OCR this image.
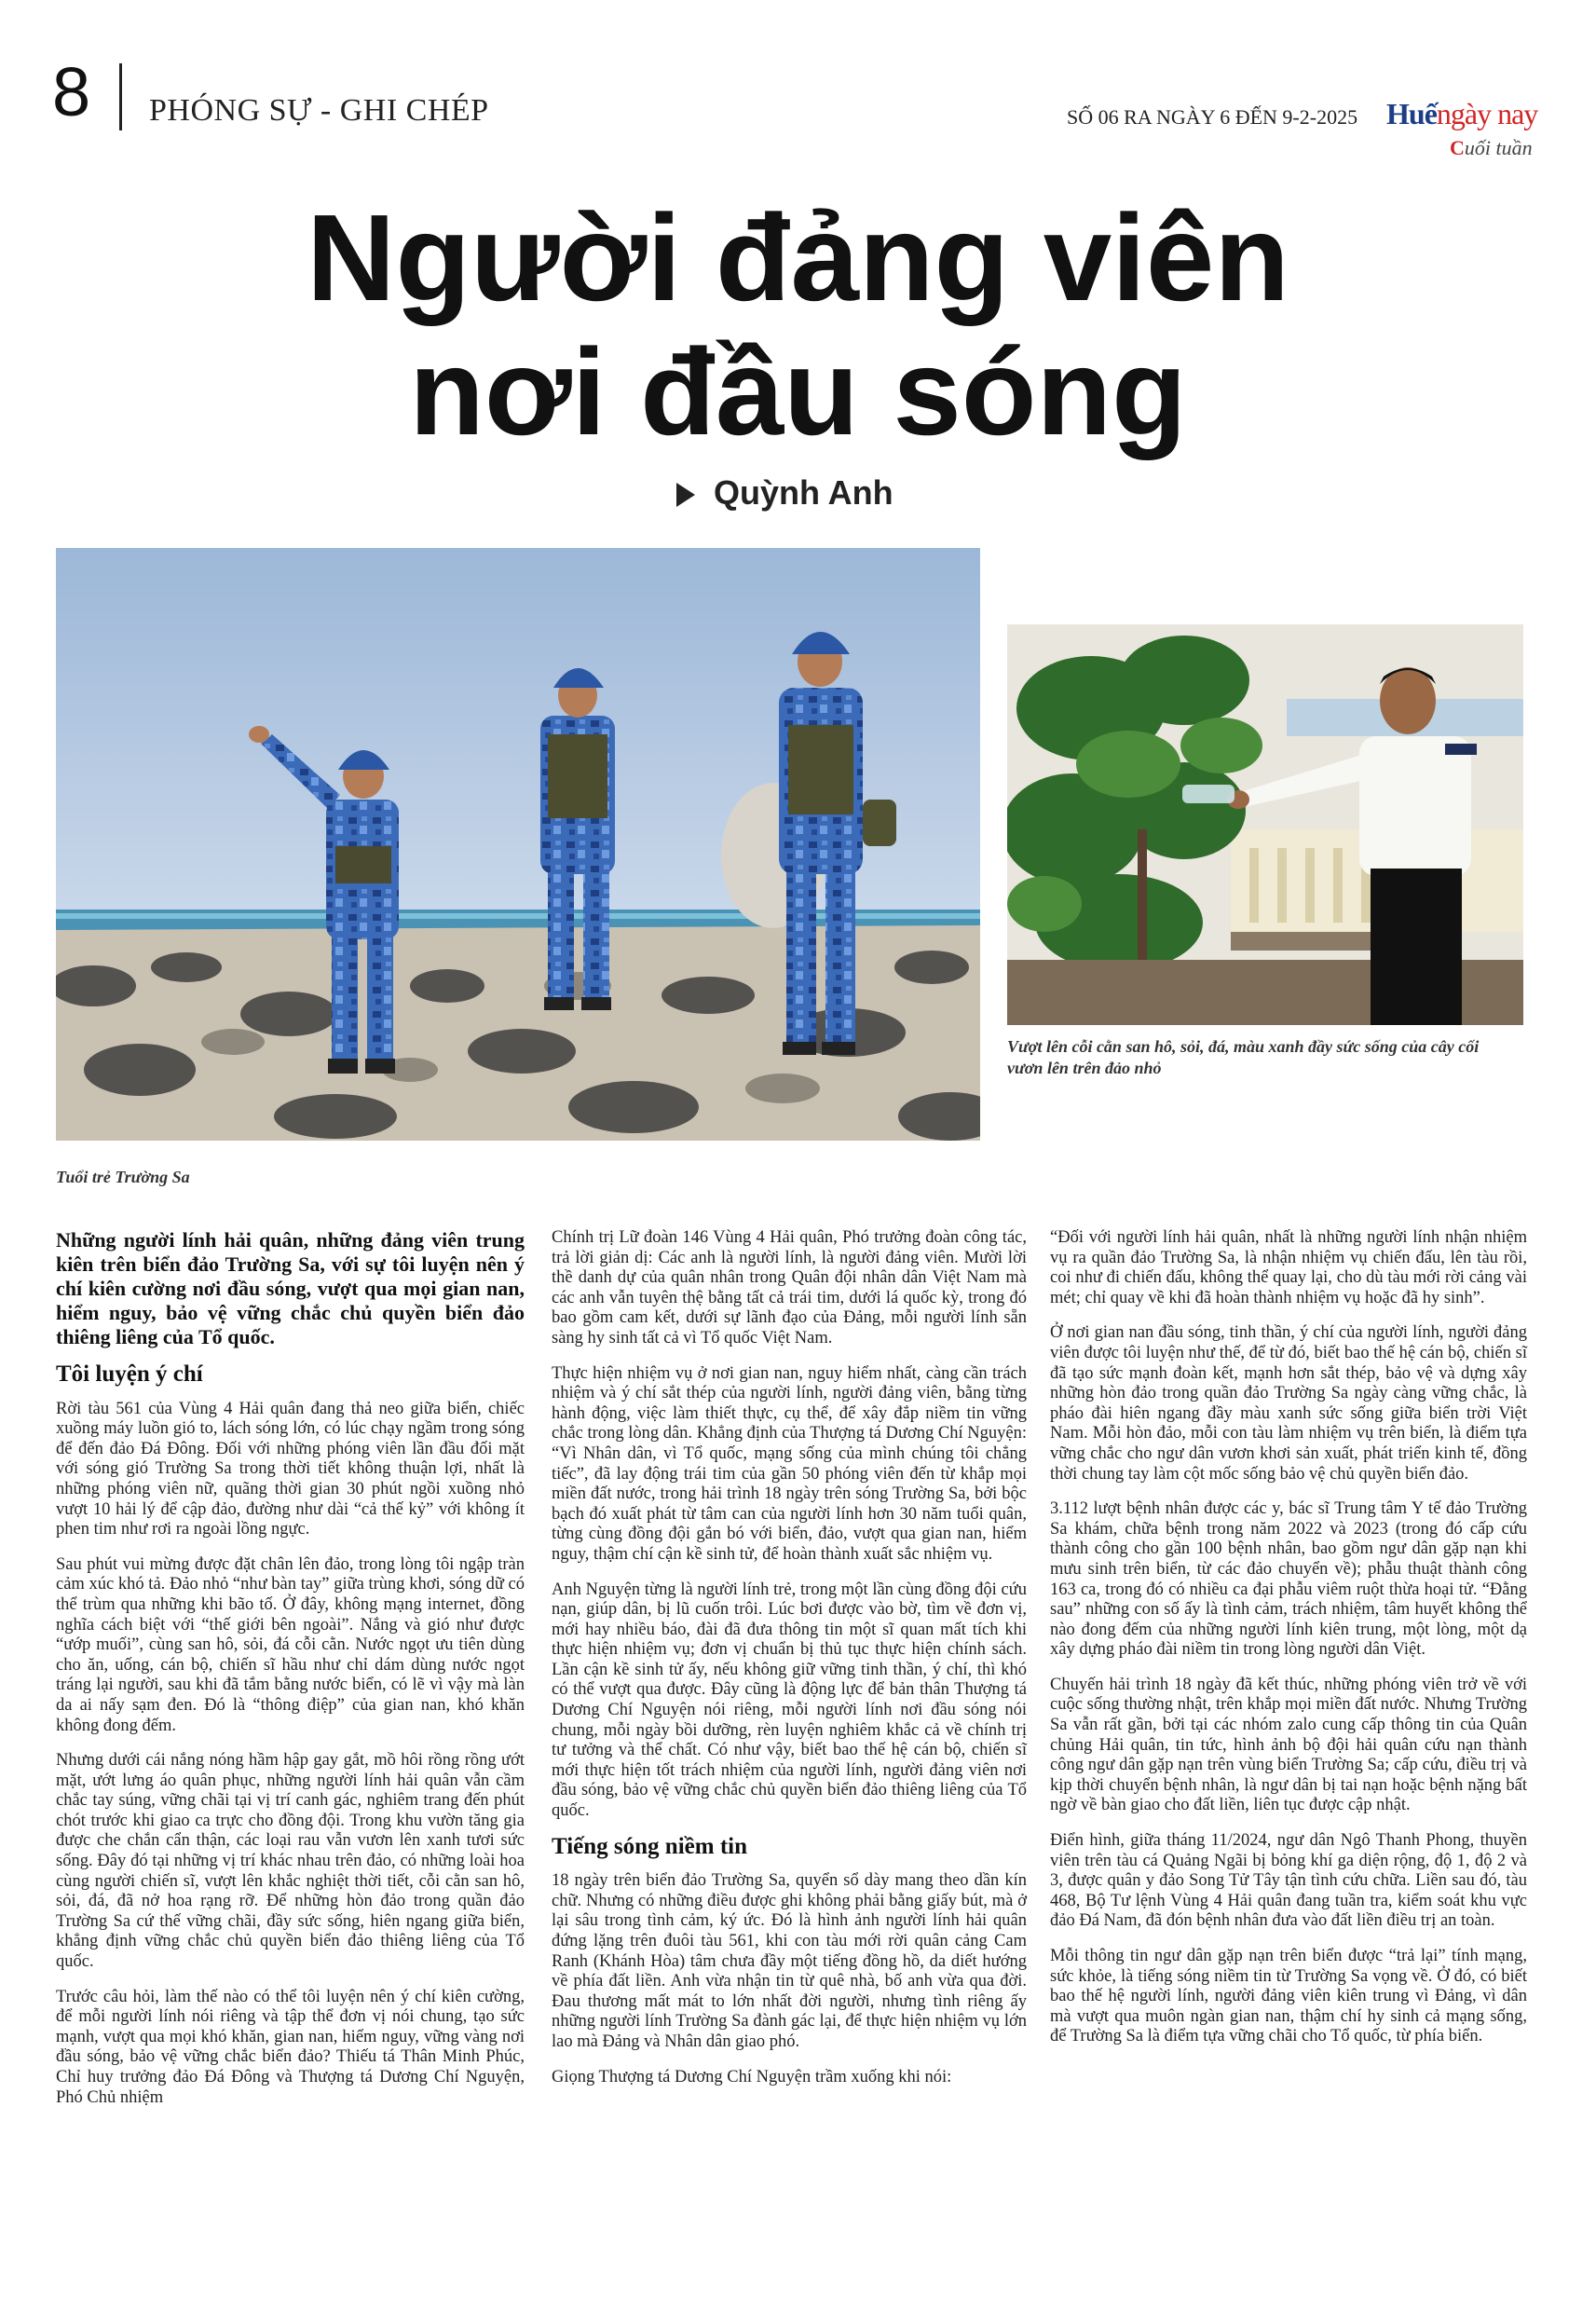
8 PHÓNG SỰ - GHI CHÉP	SỐ 06 RA NGÀY 6 ĐẾN 9-2-2025 Huếngày nay
Cuối tuần
Người đảng viên
nơi đầu sóng
Quỳnh Anh
Tuổi trẻ Trường Sa
Vượt lên cỗi cằn san hô, sỏi, đá, màu xanh đầy sức sống của cây cối
vươn lên trên đảo nhỏ

Những người lính hải quân, những đảng viên trung kiên trên biển đảo Trường Sa, với sự tôi luyện nên ý chí kiên cường nơi đầu sóng, vượt qua mọi gian nan, hiểm nguy, bảo vệ vững chắc chủ quyền biển đảo thiêng liêng của Tổ quốc.

Tôi luyện ý chí

Rời tàu 561 của Vùng 4 Hải quân đang thả neo giữa biển, chiếc xuồng máy luồn gió to, lách sóng lớn, có lúc chạy ngầm trong sóng để đến đảo Đá Đông. Đối với những phóng viên lần đầu đối mặt với sóng gió Trường Sa trong thời tiết không thuận lợi, nhất là những phóng viên nữ, quãng thời gian 30 phút ngồi xuồng nhỏ vượt 10 hải lý để cập đảo, đường như dài “cả thế kỷ” với không ít phen tim như rơi ra ngoài lồng ngực.

Sau phút vui mừng được đặt chân lên đảo, trong lòng tôi ngập tràn cảm xúc khó tả. Đảo nhỏ “như bàn tay” giữa trùng khơi, sóng dữ có thể trùm qua những khi bão tố. Ở đây, không mạng internet, đồng nghĩa cách biệt với “thế giới bên ngoài”. Nắng và gió như được “ướp muối”, cùng san hô, sỏi, đá cỗi cằn. Nước ngọt ưu tiên dùng cho ăn, uống, cán bộ, chiến sĩ hầu như chỉ dám dùng nước ngọt tráng lại người, sau khi đã tắm bằng nước biển, có lẽ vì vậy mà làn da ai nấy sạm đen. Đó là “thông điệp” của gian nan, khó khăn không đong đếm.

Nhưng dưới cái nắng nóng hầm hập gay gắt, mồ hôi rồng rồng ướt mặt, ướt lưng áo quân phục, những người lính hải quân vẫn cầm chắc tay súng, vững chãi tại vị trí canh gác, nghiêm trang đến phút chót trước khi giao ca trực cho đồng đội. Trong khu vườn tăng gia được che chắn cẩn thận, các loại rau vẫn vươn lên xanh tươi sức sống. Đây đó tại những vị trí khác nhau trên đảo, có những loài hoa cùng người chiến sĩ, vượt lên khắc nghiệt thời tiết, cỗi cằn san hô, sỏi, đá, đã nở hoa rạng rỡ. Để những hòn đảo trong quần đảo Trường Sa cứ thế vững chãi, đầy sức sống, hiên ngang giữa biển, khẳng định vững chắc chủ quyền biển đảo thiêng liêng của Tổ quốc.

Trước câu hỏi, làm thế nào có thể tôi luyện nên ý chí kiên cường, để mỗi người lính nói riêng và tập thể đơn vị nói chung, tạo sức mạnh, vượt qua mọi khó khăn, gian nan, hiểm nguy, vững vàng nơi đầu sóng, bảo vệ vững chắc biển đảo? Thiếu tá Thân Minh Phúc, Chỉ huy trưởng đảo Đá Đông và Thượng tá Dương Chí Nguyện, Phó Chủ nhiệm

Chính trị Lữ đoàn 146 Vùng 4 Hải quân, Phó trưởng đoàn công tác, trả lời giản dị: Các anh là người lính, là người đảng viên. Mười lời thề danh dự của quân nhân trong Quân đội nhân dân Việt Nam mà các anh vẫn tuyên thệ bằng tất cả trái tim, dưới lá quốc kỳ, trong đó bao gồm cam kết, dưới sự lãnh đạo của Đảng, mỗi người lính sẵn sàng hy sinh tất cả vì Tổ quốc Việt Nam.

Thực hiện nhiệm vụ ở nơi gian nan, nguy hiểm nhất, càng cần trách nhiệm và ý chí sắt thép của người lính, người đảng viên, bằng từng hành động, việc làm thiết thực, cụ thể, để xây đắp niềm tin vững chắc trong lòng dân. Khẳng định của Thượng tá Dương Chí Nguyện: “Vì Nhân dân, vì Tổ quốc, mạng sống của mình chúng tôi chẳng tiếc”, đã lay động trái tim của gần 50 phóng viên đến từ khắp mọi miền đất nước, trong hải trình 18 ngày trên sóng Trường Sa, bởi bộc bạch đó xuất phát từ tâm can của người lính hơn 30 năm tuổi quân, từng cùng đồng đội gắn bó với biển, đảo, vượt qua gian nan, hiểm nguy, thậm chí cận kề sinh tử, để hoàn thành xuất sắc nhiệm vụ.

Anh Nguyện từng là người lính trẻ, trong một lần cùng đồng đội cứu nạn, giúp dân, bị lũ cuốn trôi. Lúc bơi được vào bờ, tìm về đơn vị, mới hay nhiều báo, đài đã đưa thông tin một sĩ quan mất tích khi thực hiện nhiệm vụ; đơn vị chuẩn bị thủ tục thực hiện chính sách. Lần cận kề sinh tử ấy, nếu không giữ vững tinh thần, ý chí, thì khó có thể vượt qua được. Đây cũng là động lực để bản thân Thượng tá Dương Chí Nguyện nói riêng, mỗi người lính nơi đầu sóng nói chung, mỗi ngày bồi dưỡng, rèn luyện nghiêm khắc cả về chính trị tư tưởng và thể chất. Có như vậy, biết bao thế hệ cán bộ, chiến sĩ mới thực hiện tốt trách nhiệm của người lính, người đảng viên nơi đầu sóng, bảo vệ vững chắc chủ quyền biển đảo thiêng liêng của Tổ quốc.

Tiếng sóng niềm tin

18 ngày trên biển đảo Trường Sa, quyển sổ dày mang theo dần kín chữ. Nhưng có những điều được ghi không phải bằng giấy bút, mà ở lại sâu trong tình cảm, ký ức. Đó là hình ảnh người lính hải quân đứng lặng trên đuôi tàu 561, khi con tàu mới rời quân cảng Cam Ranh (Khánh Hòa) tâm chưa đầy một tiếng đồng hồ, da diết hướng về phía đất liền. Anh vừa nhận tin từ quê nhà, bố anh vừa qua đời. Đau thương mất mát to lớn nhất đời người, nhưng tình riêng ấy những người lính Trường Sa đành gác lại, để thực hiện nhiệm vụ lớn lao mà Đảng và Nhân dân giao phó.

Giọng Thượng tá Dương Chí Nguyện trầm xuống khi nói:

“Đối với người lính hải quân, nhất là những người lính nhận nhiệm vụ ra quần đảo Trường Sa, là nhận nhiệm vụ chiến đấu, lên tàu rồi, coi như đi chiến đấu, không thể quay lại, cho dù tàu mới rời cảng vài mét; chỉ quay về khi đã hoàn thành nhiệm vụ hoặc đã hy sinh”.

Ở nơi gian nan đầu sóng, tinh thần, ý chí của người lính, người đảng viên được tôi luyện như thế, để từ đó, biết bao thế hệ cán bộ, chiến sĩ đã tạo sức mạnh đoàn kết, mạnh hơn sắt thép, bảo vệ và dựng xây những hòn đảo trong quần đảo Trường Sa ngày càng vững chắc, là pháo đài hiên ngang đầy màu xanh sức sống giữa biển trời Việt Nam. Mỗi hòn đảo, mỗi con tàu làm nhiệm vụ trên biển, là điểm tựa vững chắc cho ngư dân vươn khơi sản xuất, phát triển kinh tế, đồng thời chung tay làm cột mốc sống bảo vệ chủ quyền biển đảo.

3.112 lượt bệnh nhân được các y, bác sĩ Trung tâm Y tế đảo Trường Sa khám, chữa bệnh trong năm 2022 và 2023 (trong đó cấp cứu thành công cho gần 100 bệnh nhân, bao gồm ngư dân gặp nạn khi mưu sinh trên biển, từ các đảo chuyển về); phẫu thuật thành công 163 ca, trong đó có nhiều ca đại phẫu viêm ruột thừa hoại tử. “Đằng sau” những con số ấy là tình cảm, trách nhiệm, tâm huyết không thể nào đong đếm của những người lính kiên trung, một lòng, một dạ xây dựng pháo đài niềm tin trong lòng người dân Việt.

Chuyến hải trình 18 ngày đã kết thúc, những phóng viên trở về với cuộc sống thường nhật, trên khắp mọi miền đất nước. Nhưng Trường Sa vẫn rất gần, bởi tại các nhóm zalo cung cấp thông tin của Quân chủng Hải quân, tin tức, hình ảnh bộ đội hải quân cứu nạn thành công ngư dân gặp nạn trên vùng biển Trường Sa; cấp cứu, điều trị và kịp thời chuyển bệnh nhân, là ngư dân bị tai nạn hoặc bệnh nặng bất ngờ về bàn giao cho đất liền, liên tục được cập nhật.

Điển hình, giữa tháng 11/2024, ngư dân Ngô Thanh Phong, thuyền viên trên tàu cá Quảng Ngãi bị bỏng khí ga diện rộng, độ 1, độ 2 và 3, được quân y đảo Song Tử Tây tận tình cứu chữa. Liền sau đó, tàu 468, Bộ Tư lệnh Vùng 4 Hải quân đang tuần tra, kiểm soát khu vực đảo Đá Nam, đã đón bệnh nhân đưa vào đất liền điều trị an toàn.

Mỗi thông tin ngư dân gặp nạn trên biển được “trả lại” tính mạng, sức khỏe, là tiếng sóng niềm tin từ Trường Sa vọng về. Ở đó, có biết bao thế hệ người lính, người đảng viên kiên trung vì Đảng, vì dân mà vượt qua muôn ngàn gian nan, thậm chí hy sinh cả mạng sống, để Trường Sa là điểm tựa vững chãi cho Tổ quốc, từ phía biển.
